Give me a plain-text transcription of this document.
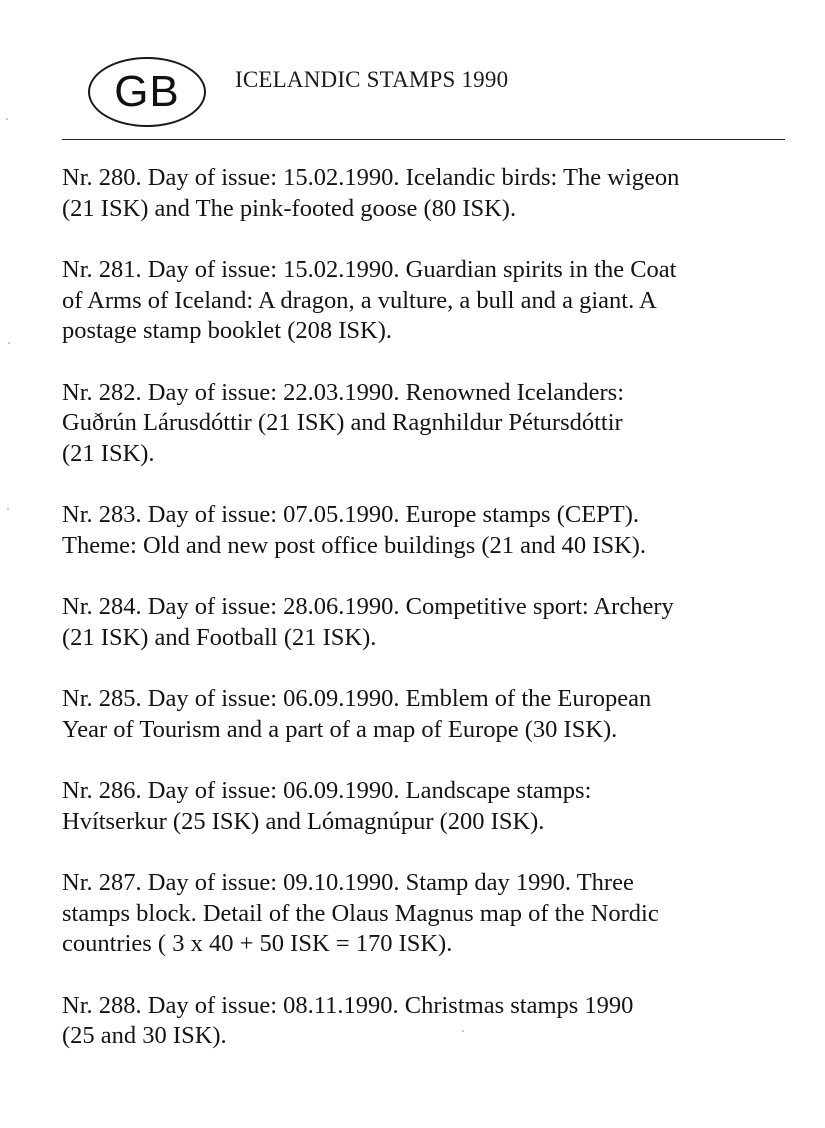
GB	ICELANDIC STAMPS 1990
Nr. 280. Day of issue: 15.02.1990. Icelandic birds: The wigeon
(21 ISK) and The pink-footed goose (80 ISK).
Nr. 281. Day of issue: 15.02.1990. Guardian spirits in the Coat
of Arms of Iceland: A dragon, a vulture, a bull and a giant. A
postage stamp booklet (208 ISK).
Nr. 282. Day of issue: 22.03.1990. Renowned Icelanders:
Guðrún Lárusdóttir (21 ISK) and Ragnhildur Pétursdóttir
(21 ISK).
Nr. 283. Day of issue: 07.05.1990. Europe stamps (CEPT).
Theme: Old and new post office buildings (21 and 40 ISK).
Nr. 284. Day of issue: 28.06.1990. Competitive sport: Archery
(21 ISK) and Football (21 ISK).
Nr. 285. Day of issue: 06.09.1990. Emblem of the European
Year of Tourism and a part of a map of Europe (30 ISK).
Nr. 286. Day of issue: 06.09.1990. Landscape stamps:
Hvítserkur (25 ISK) and Lómagnúpur (200 ISK).
Nr. 287. Day of issue: 09.10.1990. Stamp day 1990. Three
stamps block. Detail of the Olaus Magnus map of the Nordic
countries ( 3 x 40 + 50 ISK = 170 ISK).
Nr. 288. Day of issue: 08.11.1990. Christmas stamps 1990
(25 and 30 ISK).
